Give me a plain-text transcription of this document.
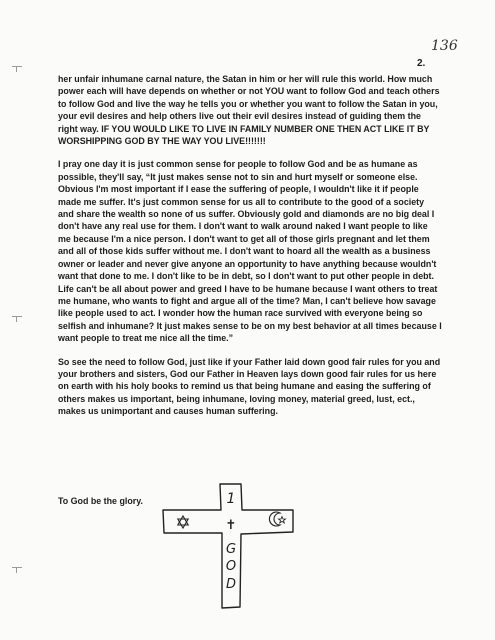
136
2.

her unfair inhumane carnal nature, the Satan in him or her will rule this world. How much power each will have depends on whether or not YOU want to follow God and teach others to follow God and live the way he tells you or whether you want to follow the Satan in you, your evil desires and help others live out their evil desires instead of guiding them the right way. IF YOU WOULD LIKE TO LIVE IN FAMILY NUMBER ONE THEN ACT LIKE IT BY WORSHIPPING GOD BY THE WAY YOU LIVE!!!!!!!

I pray one day it is just common sense for people to follow God and be as humane as possible, they'll say, “It just makes sense not to sin and hurt myself or someone else. Obvious I'm most important if I ease the suffering of people, I wouldn't like it if people made me suffer. It's just common sense for us all to contribute to the good of a society and share the wealth so none of us suffer. Obviously gold and diamonds are no big deal I don't have any real use for them. I don't want to walk around naked I want people to like me because I'm a nice person. I don't want to get all of those girls pregnant and let them and all of those kids suffer without me. I don't want to hoard all the wealth as a business owner or leader and never give anyone an opportunity to have anything because wouldn't want that done to me. I don't like to be in debt, so I don't want to put other people in debt. Life can't be all about power and greed I have to be humane because I want others to treat me humane, who wants to fight and argue all of the time? Man, I can't believe how savage like people used to act. I wonder how the human race survived with everyone being so selfish and inhumane? It just makes sense to be on my best behavior at all times because I want people to treat me nice all the time.”

So see the need to follow God, just like if your Father laid down good fair rules for you and your brothers and sisters, God our Father in Heaven lays down good fair rules for us here on earth with his holy books to remind us that being humane and easing the suffering of others makes us important, being inhumane, loving money, material greed, lust, ect., makes us unimportant and causes human suffering.

To God be the glory.	1
✝
G
O
D
